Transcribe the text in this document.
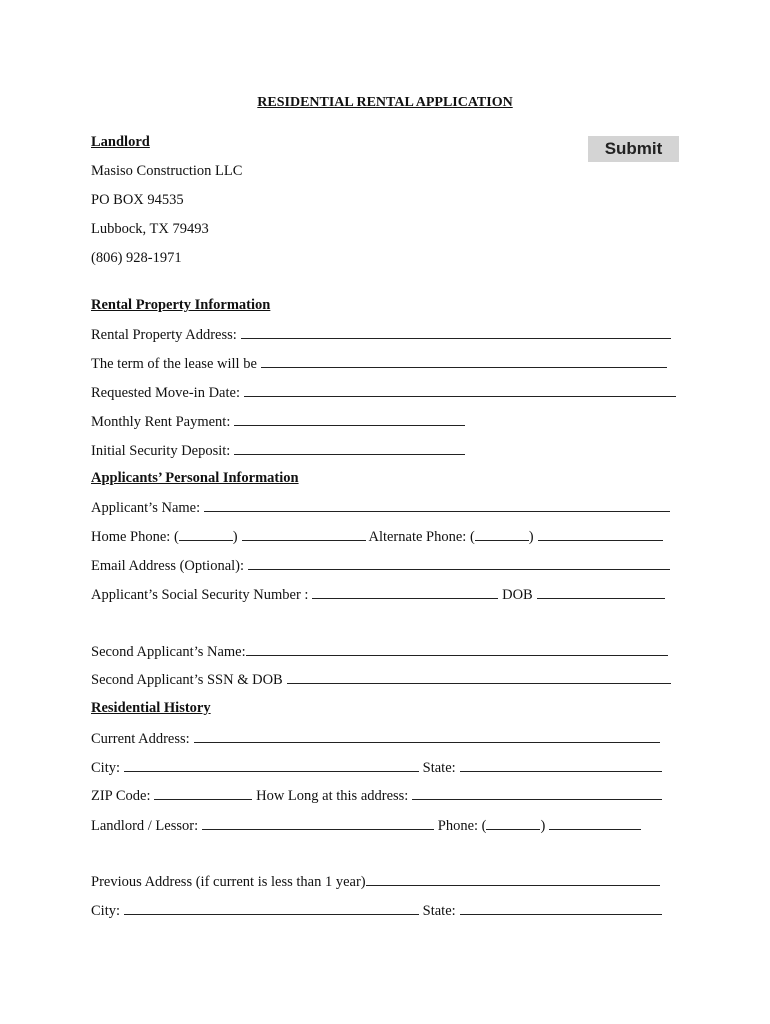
RESIDENTIAL RENTAL APPLICATION
Submit
Landlord
Masiso Construction LLC
PO BOX 94535
Lubbock, TX 79493
(806) 928-1971
Rental Property Information
Rental Property Address:
The term of the lease will be
Requested Move-in Date:
Monthly Rent Payment:
Initial Security Deposit:
Applicants’ Personal Information
Applicant’s Name:
Home Phone: (	)	Alternate Phone: (	)
Email Address (Optional):
Applicant’s Social Security Number :	DOB
Second Applicant’s Name:
Second Applicant’s SSN & DOB
Residential History
Current Address:
City:	State:
ZIP Code:	How Long at this address:
Landlord / Lessor:	Phone: (	)
Previous Address (if current is less than 1 year)
City:	State:
